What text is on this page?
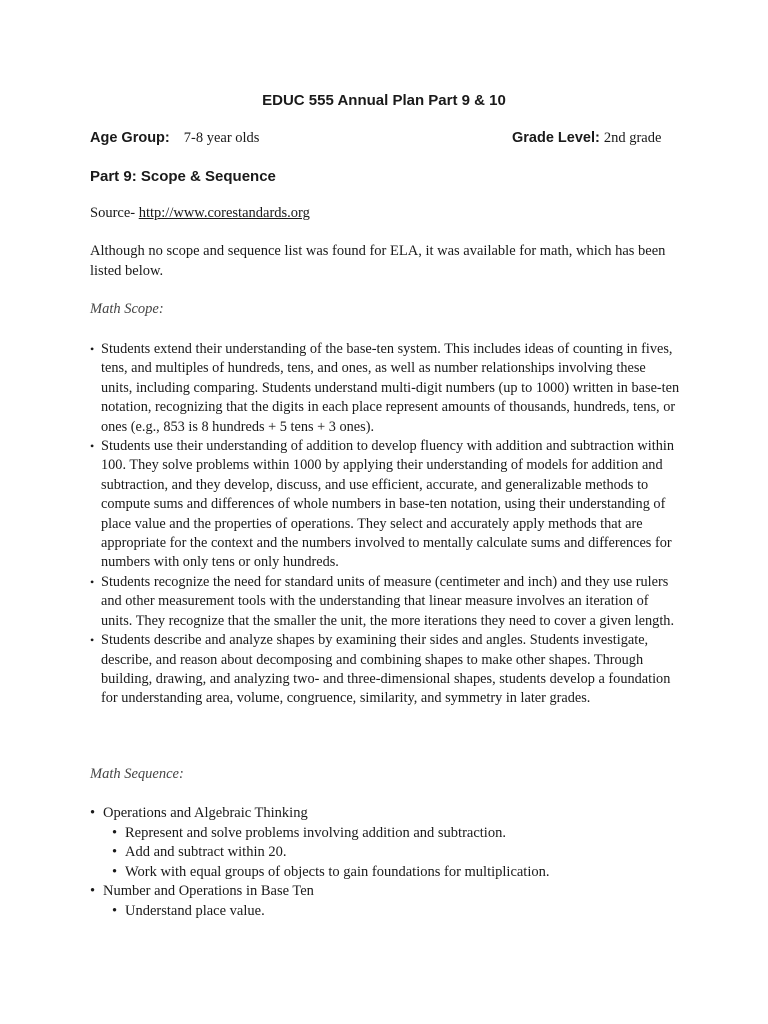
EDUC 555 Annual Plan Part 9 & 10
Age Group: 7-8 year olds	Grade Level: 2nd grade
Part 9: Scope & Sequence
Source- http://www.corestandards.org
Although no scope and sequence list was found for ELA, it was available for math, which has been listed below.
Math Scope:
• Students extend their understanding of the base-ten system. This includes ideas of counting in fives, tens, and multiples of hundreds, tens, and ones, as well as number relationships involving these units, including comparing. Students understand multi-digit numbers (up to 1000) written in base-ten notation, recognizing that the digits in each place represent amounts of thousands, hundreds, tens, or ones (e.g., 853 is 8 hundreds + 5 tens + 3 ones).
• Students use their understanding of addition to develop fluency with addition and subtraction within 100. They solve problems within 1000 by applying their understanding of models for addition and subtraction, and they develop, discuss, and use efficient, accurate, and generalizable methods to compute sums and differences of whole numbers in base-ten notation, using their understanding of place value and the properties of operations. They select and accurately apply methods that are appropriate for the context and the numbers involved to mentally calculate sums and differences for numbers with only tens or only hundreds.
• Students recognize the need for standard units of measure (centimeter and inch) and they use rulers and other measurement tools with the understanding that linear measure involves an iteration of units. They recognize that the smaller the unit, the more iterations they need to cover a given length.
• Students describe and analyze shapes by examining their sides and angles. Students investigate, describe, and reason about decomposing and combining shapes to make other shapes. Through building, drawing, and analyzing two- and three-dimensional shapes, students develop a foundation for understanding area, volume, congruence, similarity, and symmetry in later grades.
Math Sequence:
• Operations and Algebraic Thinking
• Represent and solve problems involving addition and subtraction.
• Add and subtract within 20.
• Work with equal groups of objects to gain foundations for multiplication.
• Number and Operations in Base Ten
• Understand place value.
